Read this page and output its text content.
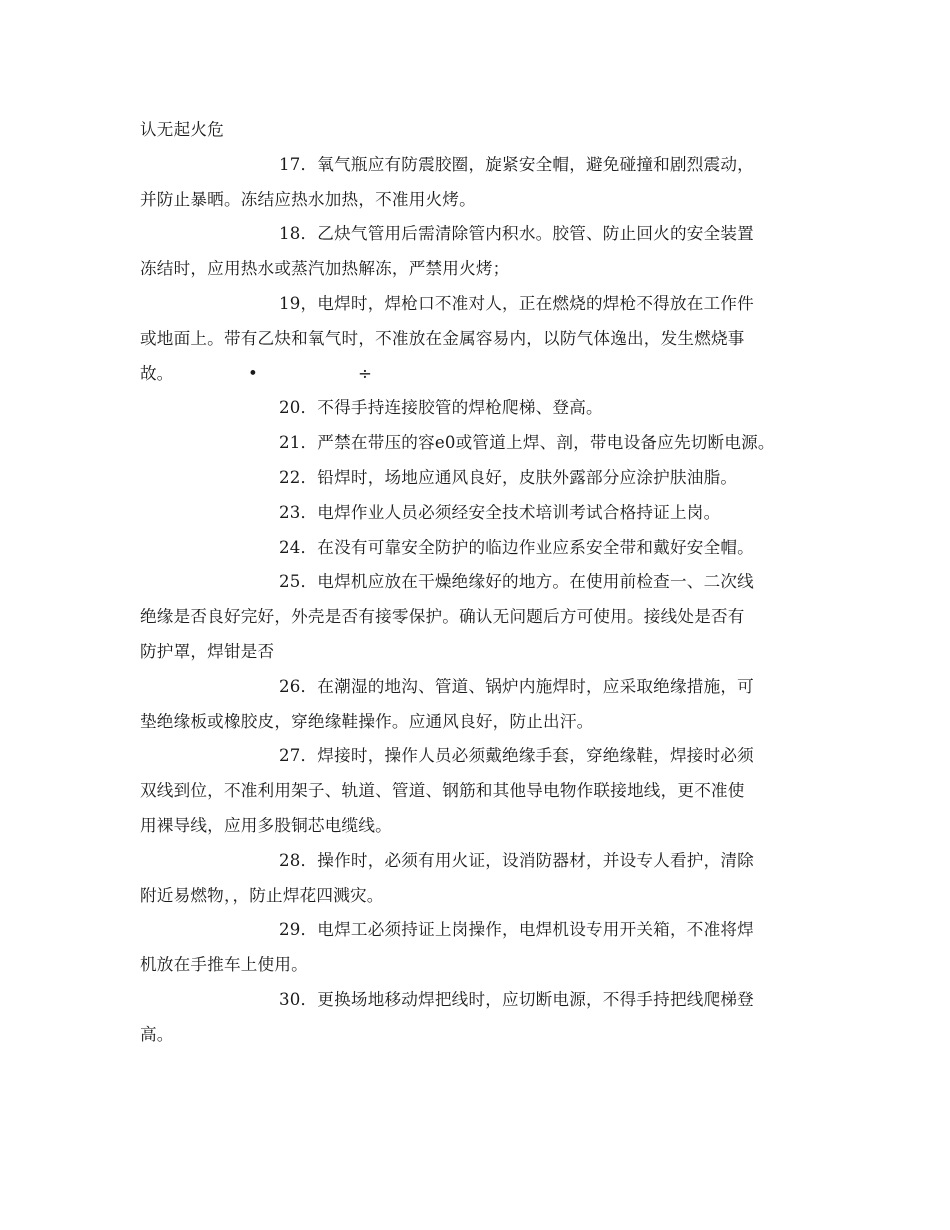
认无起火危
17．氧气瓶应有防震胶圈，旋紧安全帽，避免碰撞和剧烈震动，
并防止暴晒。冻结应热水加热，不准用火烤。
18．乙炔气管用后需清除管内积水。胶管、防止回火的安全装置
冻结时，应用热水或蒸汽加热解冻，严禁用火烤；
19，电焊时，焊枪口不准对人，正在燃烧的焊枪不得放在工作件
或地面上。带有乙炔和氧气时，不准放在金属容易内，以防气体逸出，发生燃烧事
故。	•	÷
20．不得手持连接胶管的焊枪爬梯、登高。
21．严禁在带压的容e0或管道上焊、剖，带电设备应先切断电源。
22．铅焊时，场地应通风良好，皮肤外露部分应涂护肤油脂。
23．电焊作业人员必须经安全技术培训考试合格持证上岗。
24．在没有可靠安全防护的临边作业应系安全带和戴好安全帽。
25．电焊机应放在干燥绝缘好的地方。在使用前检查一、二次线
绝缘是否良好完好，外壳是否有接零保护。确认无问题后方可使用。接线处是否有
防护罩，焊钳是否
26．在潮湿的地沟、管道、锅炉内施焊时，应采取绝缘措施，可
垫绝缘板或橡胶皮，穿绝缘鞋操作。应通风良好，防止出汗。
27．焊接时，操作人员必须戴绝缘手套，穿绝缘鞋，焊接时必须
双线到位，不准利用架子、轨道、管道、钢筋和其他导电物作联接地线，更不准使
用裸导线，应用多股铜芯电缆线。
28．操作时，必须有用火证，设消防器材，并设专人看护，清除
附近易燃物，，防止焊花四溅灾。
29．电焊工必须持证上岗操作，电焊机设专用开关箱，不准将焊
机放在手推车上使用。
30．更换场地移动焊把线时，应切断电源，不得手持把线爬梯登
高。
